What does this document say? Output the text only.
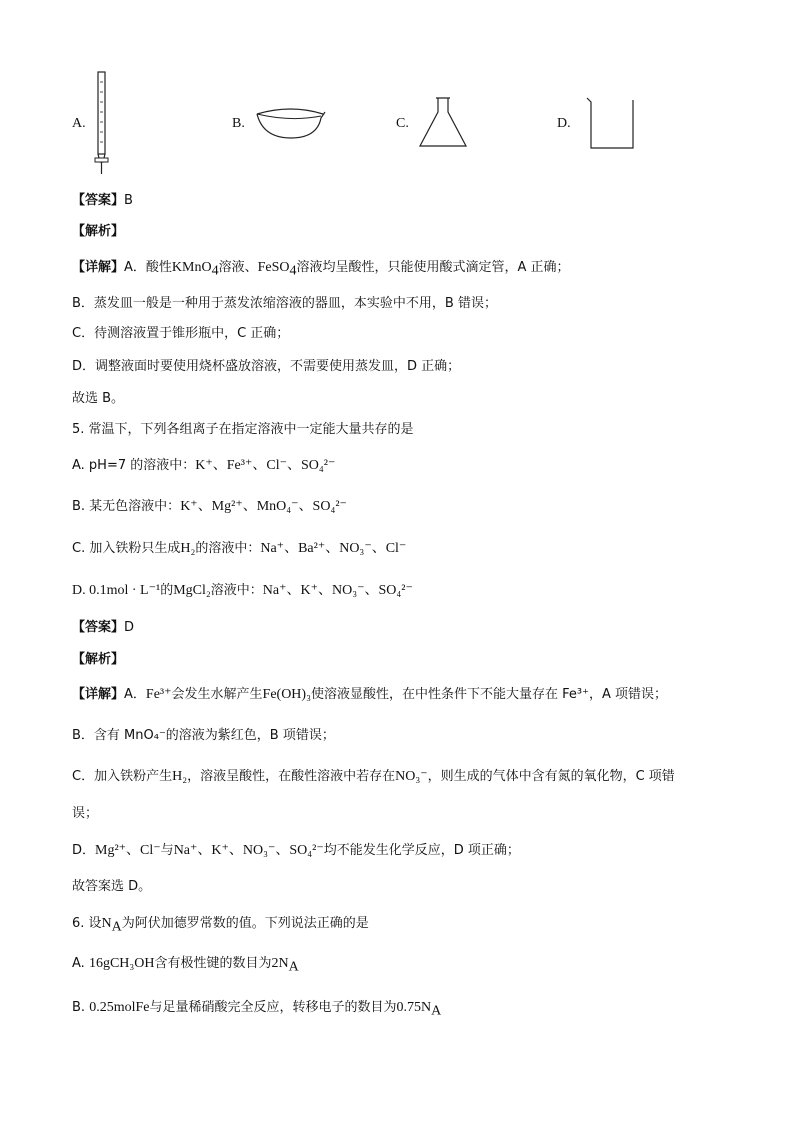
A.	B.	C.	D.
【答案】B
【解析】
【详解】A．酸性KMnO$_4$溶液、FeSO$_4$溶液均呈酸性，只能使用酸式滴定管，A 正确；
B．蒸发皿一般是一种用于蒸发浓缩溶液的器皿，本实验中不用，B 错误；
C．待测溶液置于锥形瓶中，C 正确；
D．调整液面时要使用烧杯盛放溶液，不需要使用蒸发皿，D 正确；
故选 B。
5. 常温下，下列各组离子在指定溶液中一定能大量共存的是
A. pH=7 的溶液中：K⁺、Fe³⁺、Cl⁻、SO₄²⁻
B. 某无色溶液中：K⁺、Mg²⁺、MnO₄⁻、SO₄²⁻
C. 加入铁粉只生成H₂的溶液中：Na⁺、Ba²⁺、NO₃⁻、Cl⁻
D. 0.1mol · L⁻¹的MgCl₂溶液中：Na⁺、K⁺、NO₃⁻、SO₄²⁻
【答案】D
【解析】
【详解】A．Fe³⁺会发生水解产生Fe(OH)₃使溶液显酸性，在中性条件下不能大量存在 Fe³⁺，A 项错误；
B．含有 MnO₄⁻的溶液为紫红色，B 项错误；
C．加入铁粉产生H₂，溶液呈酸性，在酸性溶液中若存在NO₃⁻，则生成的气体中含有氮的氧化物，C 项错
误；
D．Mg²⁺、Cl⁻与Na⁺、K⁺、NO₃⁻、SO₄²⁻均不能发生化学反应，D 项正确；
故答案选 D。
6. 设$N_A$为阿伏加德罗常数的值。下列说法正确的是
A. 16gCH₃OH含有极性键的数目为$2N_A$
B. 0.25molFe与足量稀硝酸完全反应，转移电子的数目为$0.75N_A$
